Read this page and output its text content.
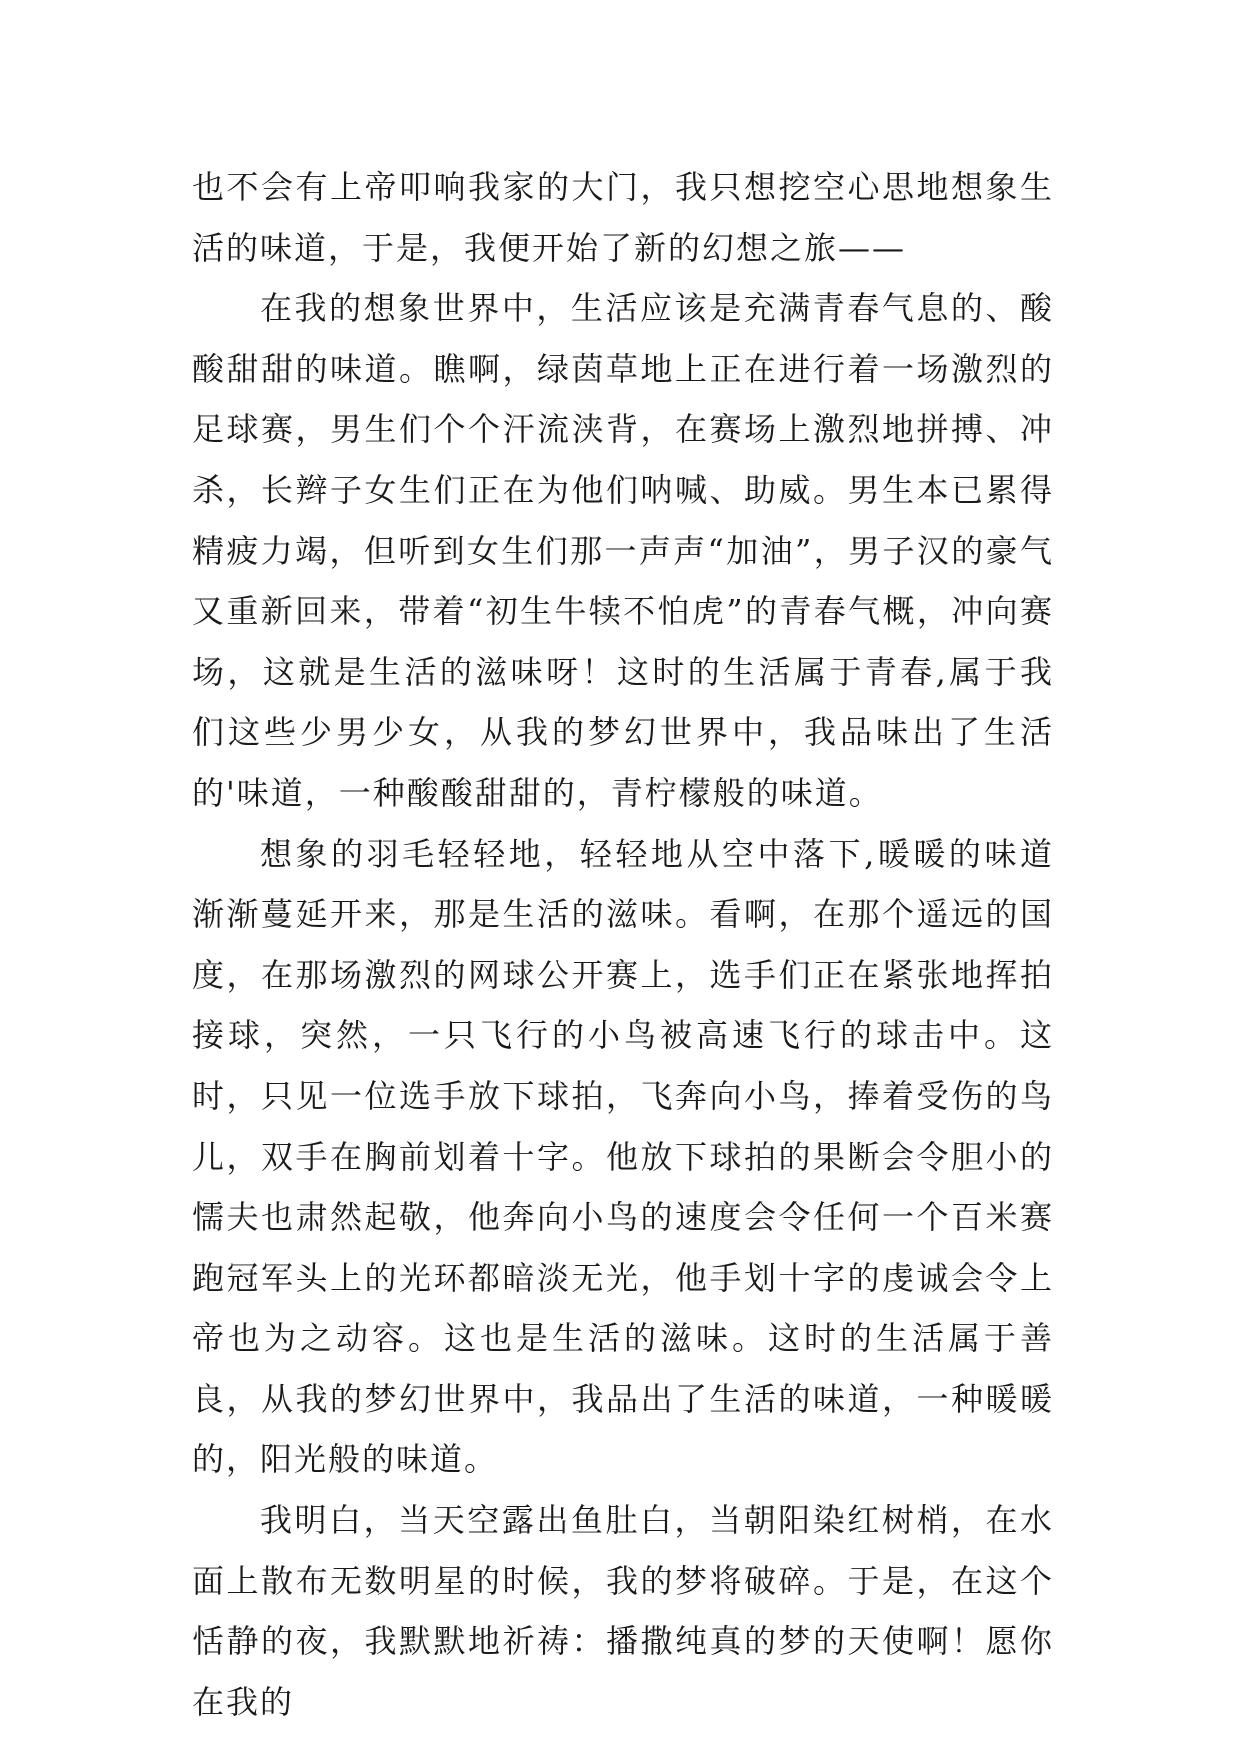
也不会有上帝叩响我家的大门，我只想挖空心思地想象生活的味道，于是，我便开始了新的幻想之旅——

在我的想象世界中，生活应该是充满青春气息的、酸酸甜甜的味道。瞧啊，绿茵草地上正在进行着一场激烈的足球赛，男生们个个汗流浃背，在赛场上激烈地拼搏、冲杀，长辫子女生们正在为他们呐喊、助威。男生本已累得精疲力竭，但听到女生们那一声声“加油”，男子汉的豪气又重新回来，带着“初生牛犊不怕虎”的青春气概，冲向赛场，这就是生活的滋味呀！这时的生活属于青春,属于我们这些少男少女，从我的梦幻世界中，我品味出了生活的'味道，一种酸酸甜甜的，青柠檬般的味道。

想象的羽毛轻轻地，轻轻地从空中落下,暖暖的味道渐渐蔓延开来，那是生活的滋味。看啊，在那个遥远的国度，在那场激烈的网球公开赛上，选手们正在紧张地挥拍接球，突然，一只飞行的小鸟被高速飞行的球击中。这时，只见一位选手放下球拍，飞奔向小鸟，捧着受伤的鸟儿，双手在胸前划着十字。他放下球拍的果断会令胆小的懦夫也肃然起敬，他奔向小鸟的速度会令任何一个百米赛跑冠军头上的光环都暗淡无光，他手划十字的虔诚会令上帝也为之动容。这也是生活的滋味。这时的生活属于善良，从我的梦幻世界中，我品出了生活的味道，一种暖暖的，阳光般的味道。

我明白，当天空露出鱼肚白，当朝阳染红树梢，在水面上散布无数明星的时候，我的梦将破碎。于是，在这个恬静的夜，我默默地祈祷：播撒纯真的梦的天使啊！愿你在我的
